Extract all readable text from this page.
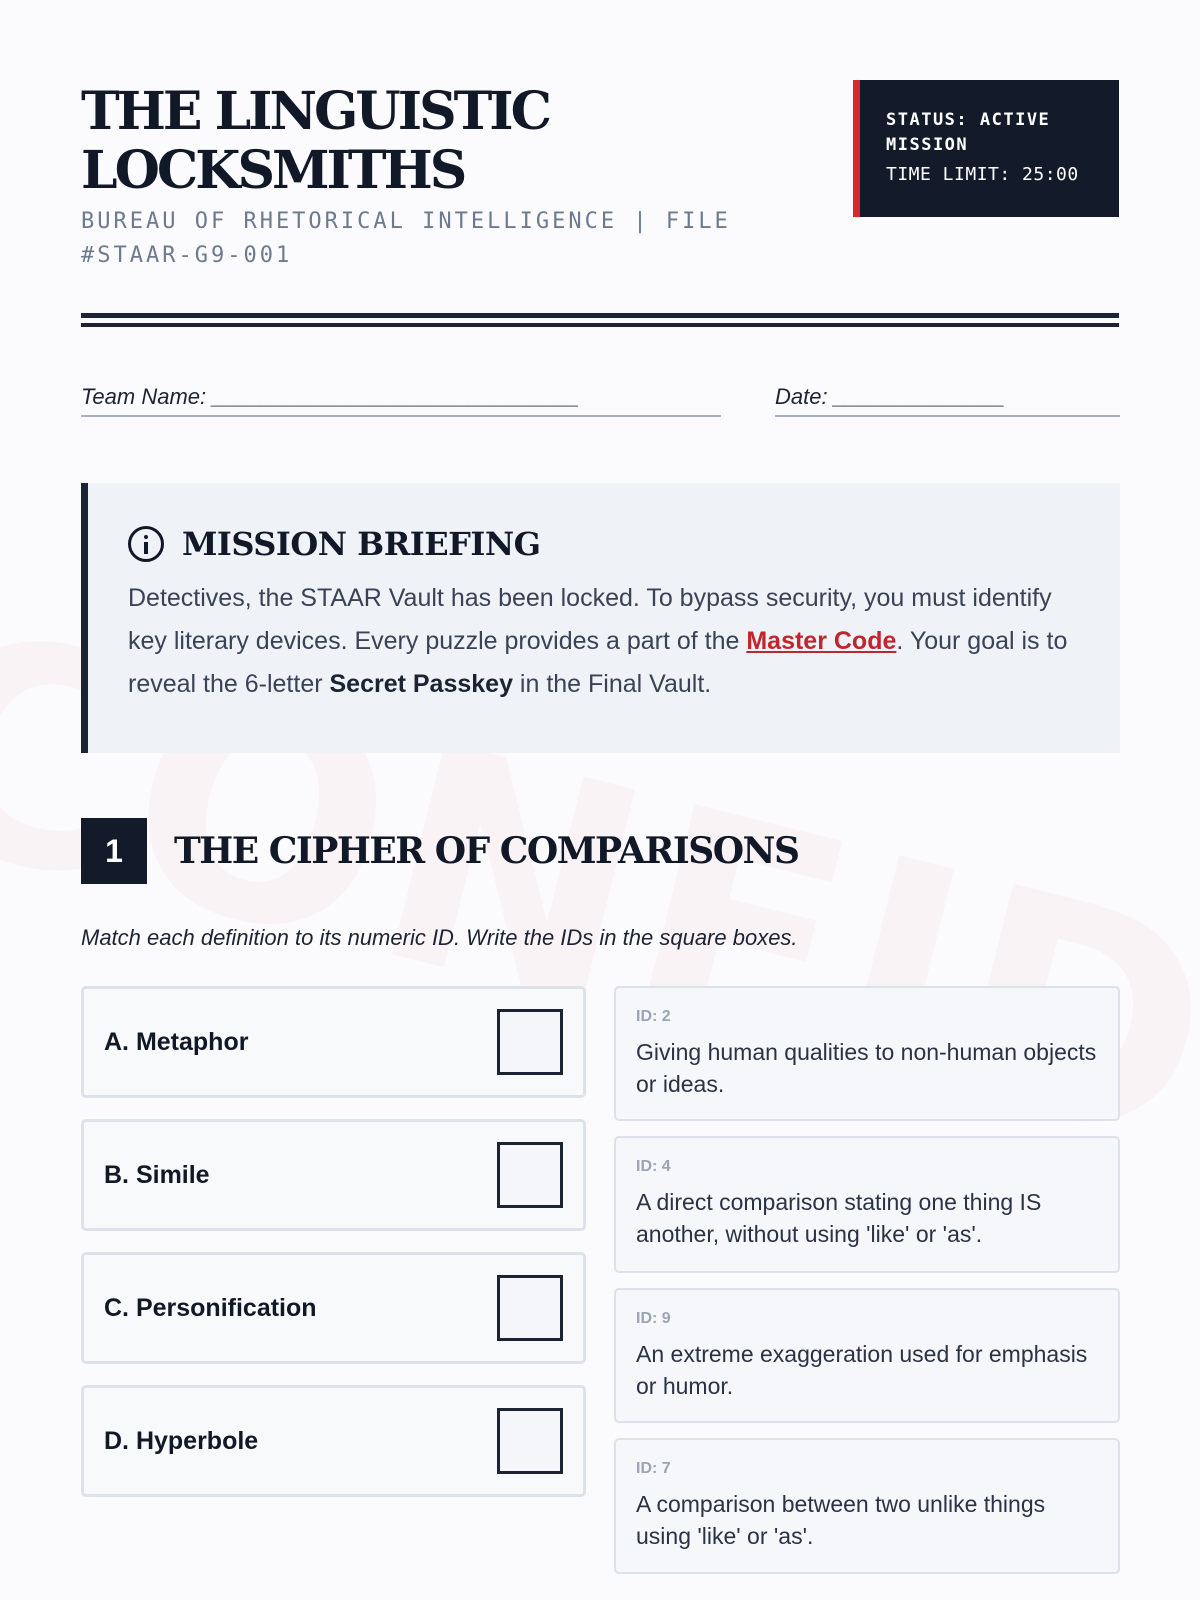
THE LINGUISTIC LOCKSMITHS
BUREAU OF RHETORICAL INTELLIGENCE | FILE #STAAR-G9-001
STATUS: ACTIVE MISSION
TIME LIMIT: 25:00
Team Name: ______________________________	Date: ______________
MISSION BRIEFING

Detectives, the STAAR Vault has been locked. To bypass security, you must identify key literary devices. Every puzzle provides a part of the Master Code. Your goal is to reveal the 6-letter Secret Passkey in the Final Vault.

1	THE CIPHER OF COMPARISONS
Match each definition to its numeric ID. Write the IDs in the square boxes.
A. Metaphor
B. Simile
C. Personification
D. Hyperbole
ID: 2
Giving human qualities to non-human objects or ideas.
ID: 4
A direct comparison stating one thing IS another, without using 'like' or 'as'.
ID: 9
An extreme exaggeration used for emphasis or humor.
ID: 7
A comparison between two unlike things using 'like' or 'as'.
